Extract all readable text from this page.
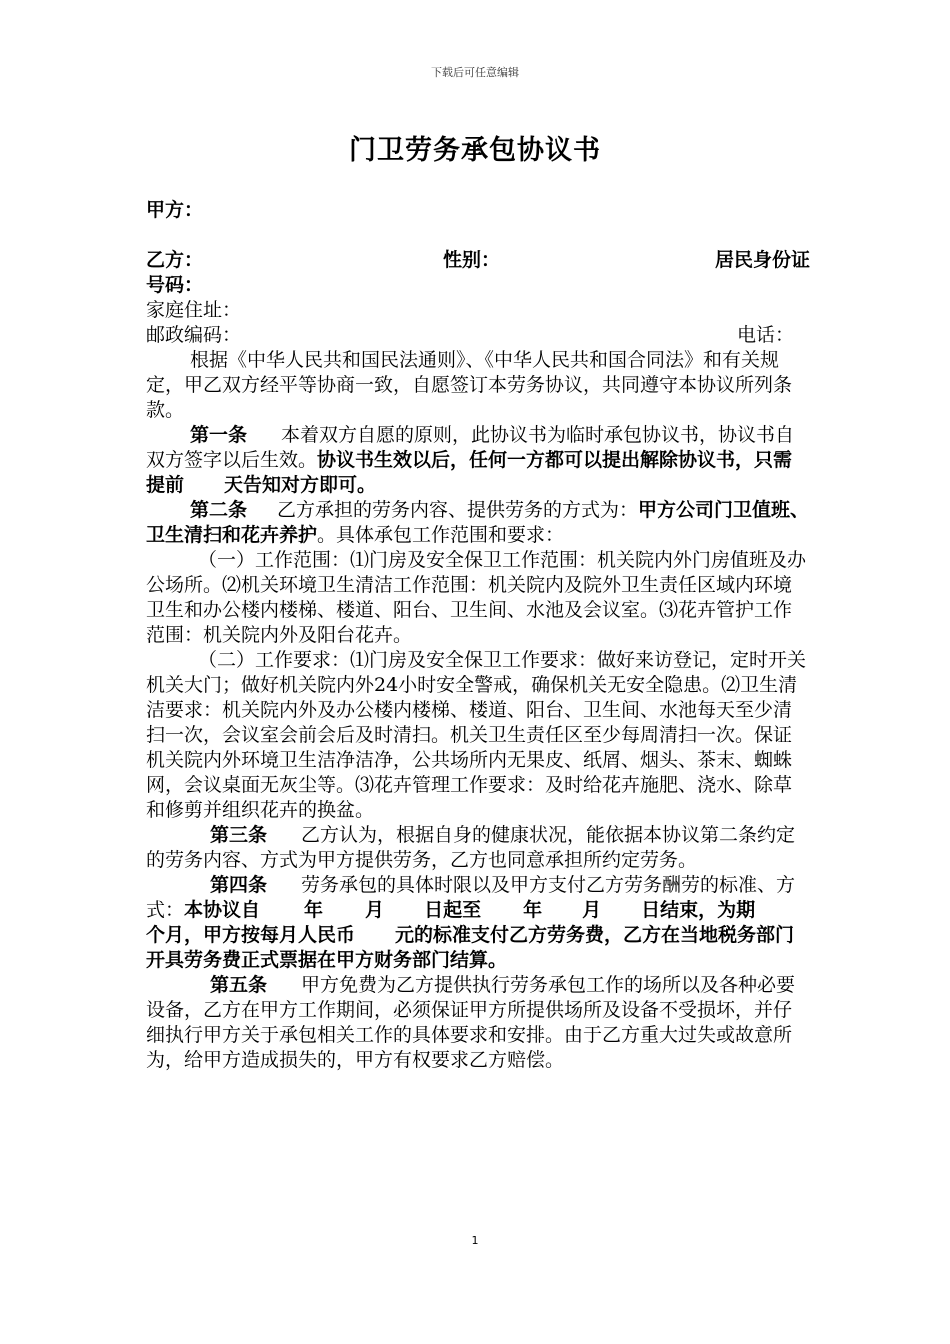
下载后可任意编辑
门卫劳务承包协议书

甲方：

乙方：	性别：	居民身份证

号码：

家庭住址：

邮政编码：	电话：

根据《中华人民共和国民法通则》、《中华人民共和国合同法》和有关规定，甲乙双方经平等协商一致，自愿签订本劳务协议，共同遵守本协议所列条款。

第一条 本着双方自愿的原则，此协议书为临时承包协议书，协议书自双方签字以后生效。协议书生效以后，任何一方都可以提出解除协议书，只需提前 天告知对方即可。

第二条 乙方承担的劳务内容、提供劳务的方式为：甲方公司门卫值班、卫生清扫和花卉养护。具体承包工作范围和要求：

（一）工作范围：⑴门房及安全保卫工作范围：机关院内外门房值班及办公场所。⑵机关环境卫生清洁工作范围：机关院内及院外卫生责任区域内环境卫生和办公楼内楼梯、楼道、阳台、卫生间、水池及会议室。⑶花卉管护工作范围：机关院内外及阳台花卉。

（二）工作要求：⑴门房及安全保卫工作要求：做好来访登记，定时开关机关大门；做好机关院内外24小时安全警戒，确保机关无安全隐患。⑵卫生清洁要求：机关院内外及办公楼内楼梯、楼道、阳台、卫生间、水池每天至少清扫一次，会议室会前会后及时清扫。机关卫生责任区至少每周清扫一次。保证机关院内外环境卫生洁净洁净，公共场所内无果皮、纸屑、烟头、茶末、蜘蛛网，会议桌面无灰尘等。⑶花卉管理工作要求：及时给花卉施肥、浇水、除草和修剪并组织花卉的换盆。

第三条 乙方认为，根据自身的健康状况，能依据本协议第二条约定的劳务内容、方式为甲方提供劳务，乙方也同意承担所约定劳务。

第四条 劳务承包的具体时限以及甲方支付乙方劳务酬劳的标准、方式：本协议自 年 月 日起至 年 月 日结束，为期个月，甲方按每月人民币 元的标准支付乙方劳务费，乙方在当地税务部门开具劳务费正式票据在甲方财务部门结算。

第五条 甲方免费为乙方提供执行劳务承包工作的场所以及各种必要设备，乙方在甲方工作期间，必须保证甲方所提供场所及设备不受损坏，并仔细执行甲方关于承包相关工作的具体要求和安排。由于乙方重大过失或故意所为，给甲方造成损失的，甲方有权要求乙方赔偿。

1
